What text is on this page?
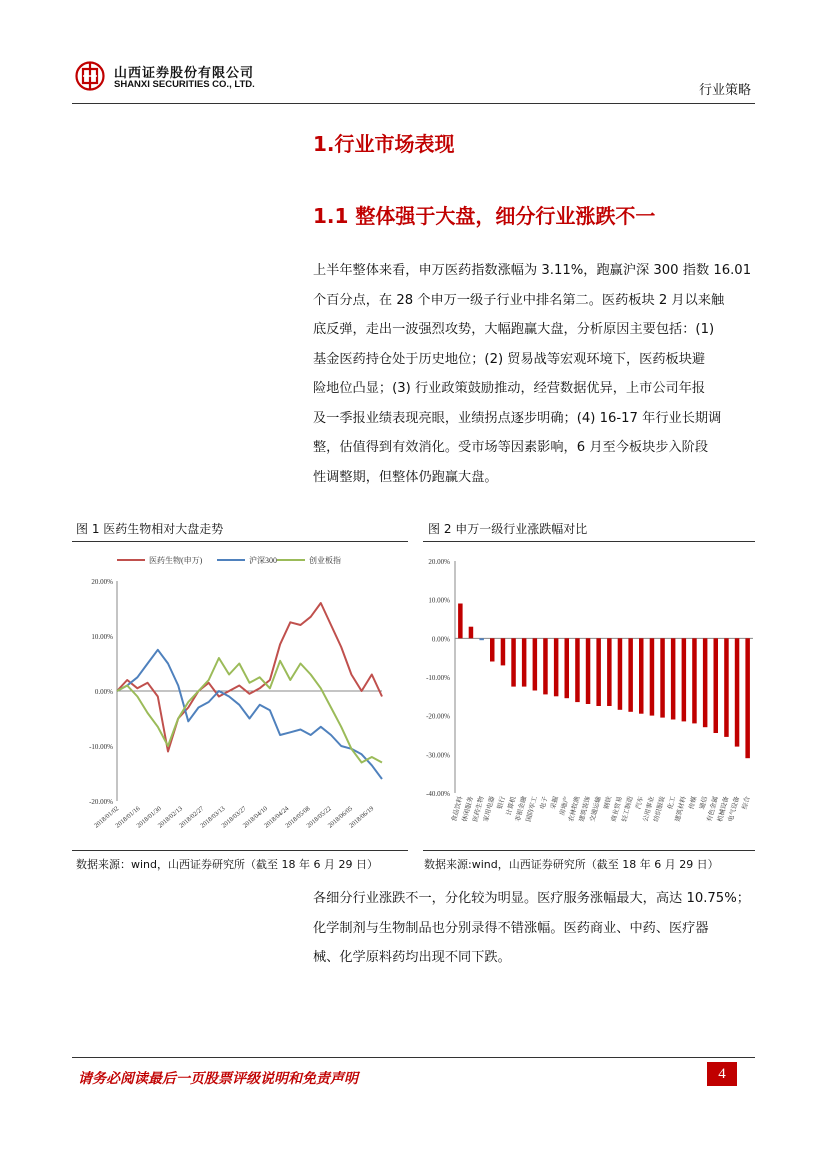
山西证券股份有限公司
SHANXI SECURITIES CO., LTD.	行业策略
1.行业市场表现
1.1 整体强于大盘，细分行业涨跌不一

上半年整体来看，申万医药指数涨幅为 3.11%，跑赢沪深 300 指数 16.01

个百分点，在 28 个申万一级子行业中排名第二。医药板块 2 月以来触

底反弹，走出一波强烈攻势，大幅跑赢大盘，分析原因主要包括：(1)

基金医药持仓处于历史地位；(2) 贸易战等宏观环境下，医药板块避

险地位凸显；(3) 行业政策鼓励推动，经营数据优异，上市公司年报

及一季报业绩表现亮眼，业绩拐点逐步明确；(4) 16-17 年行业长期调

整，估值得到有效消化。受市场等因素影响，6 月至今板块步入阶段

性调整期，但整体仍跑赢大盘。

图 1 医药生物相对大盘走势
20.00%
10.00%
0.00%
-10.00%
-20.00%
2018/01/02
2018/01/16
2018/01/30
2018/02/13
2018/02/27
2018/03/13
2018/03/27
2018/04/10
2018/04/24
2018/05/08
2018/05/22
2018/06/05
2018/06/19
医药生物(申万)	沪深300	创业板指
数据来源：wind，山西证券研究所（截至 18 年 6 月 29 日）
图 2 申万一级行业涨跌幅对比
20.00%
10.00%
0.00%
-10.00%
-20.00%
-30.00%
-40.00%
食品饮料
休闲服务
医药生物
家用电器 银行
计算机
非银金融
国防军工 电子 采掘
房地产
农林牧渔
建筑装饰
交通运输 钢铁
商业贸易
轻工制造 汽车
公用事业
纺织服装 化工
建筑材料 传媒 通信
有色金属
机械设备
电气设备 综合
数据来源:wind，山西证券研究所（截至 18 年 6 月 29 日）

各细分行业涨跌不一，分化较为明显。医疗服务涨幅最大，高达 10.75%；

化学制剂与生物制品也分别录得不错涨幅。医药商业、中药、医疗器

械、化学原料药均出现不同下跌。

请务必阅读最后一页股票评级说明和免责声明	4
